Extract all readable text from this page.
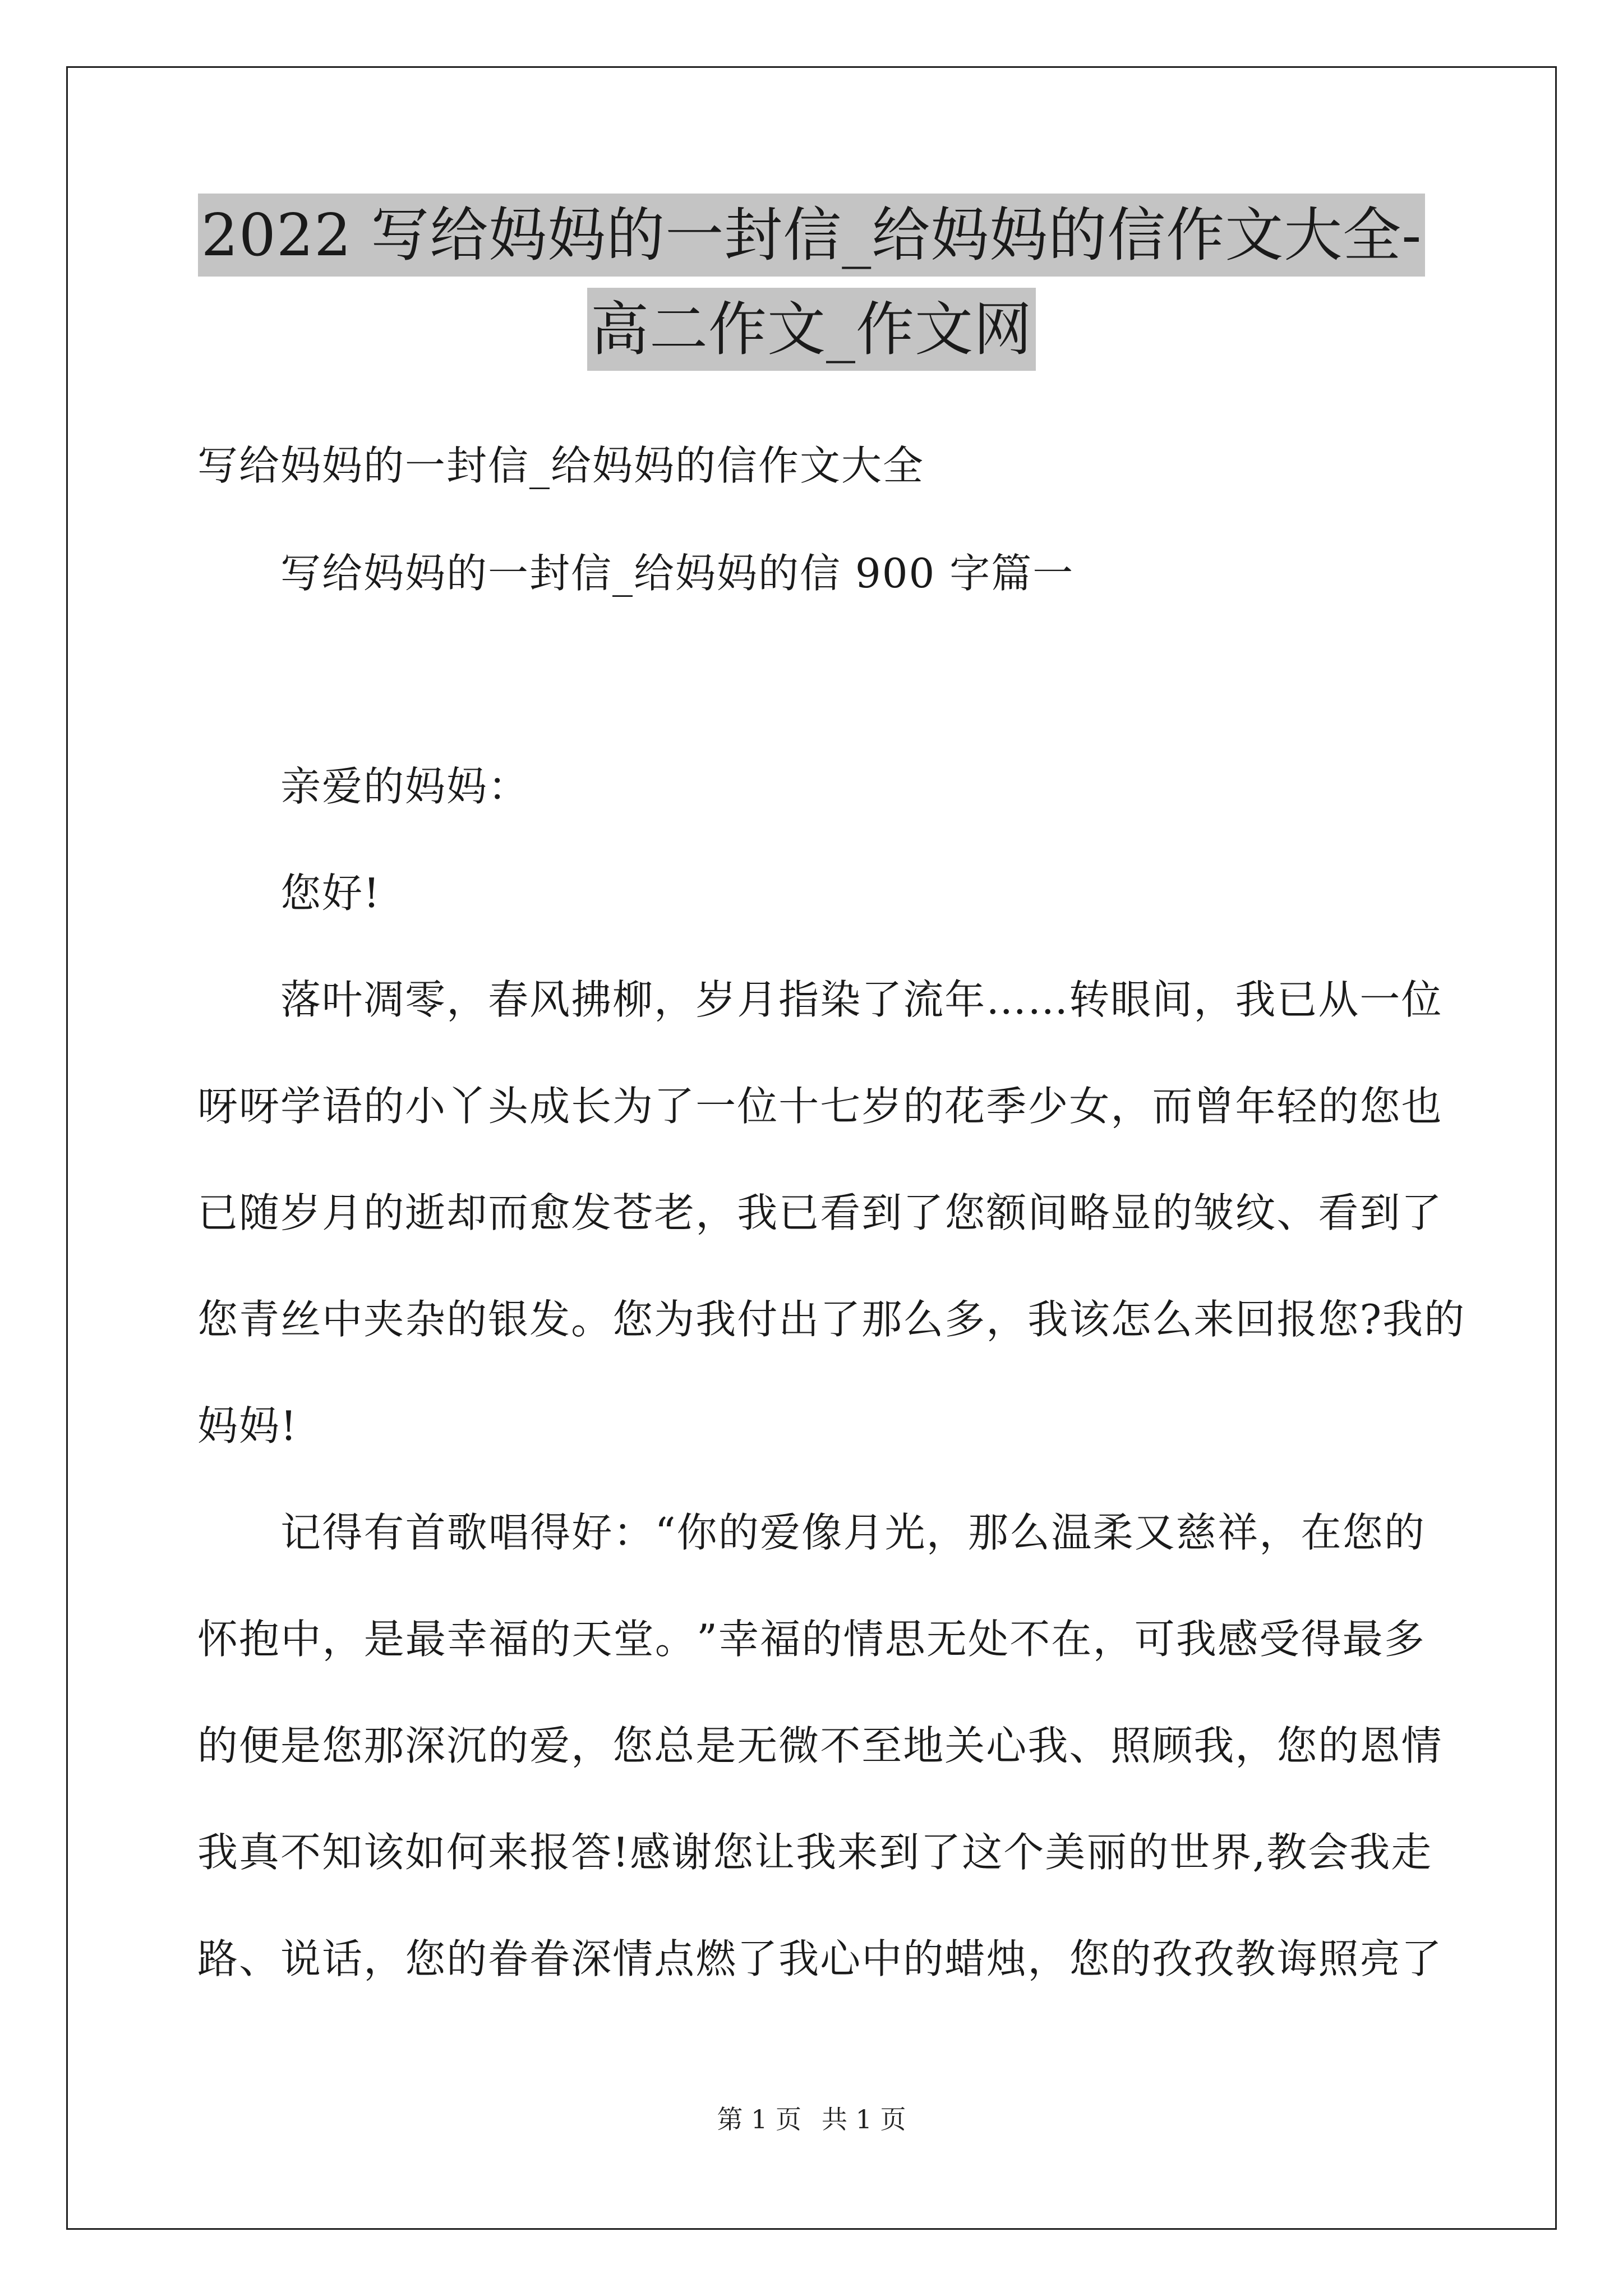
2022 写给妈妈的一封信_给妈妈的信作文大全-
高二作文_作文网
写给妈妈的一封信_给妈妈的信作文大全
写给妈妈的一封信_给妈妈的信 900 字篇一
亲爱的妈妈：
您好!
落 叶 凋 零 ， 春 风 拂 柳 ， 岁 月 指 染 了 流 年 … … 转 眼 间 ， 我 已 从 一 位
呀 呀 学 语 的 小 丫 头 成 长 为 了 一 位 十 七 岁 的 花 季 少 女 ， 而 曾 年 轻 的 您 也
已 随 岁 月 的 逝 却 而 愈 发 苍 老 ， 我 已 看 到 了 您 额 间 略 显 的 皱 纹 、 看 到 了
您 青 丝 中 夹 杂 的 银 发 。 您 为 我 付 出 了 那 么 多 ， 我 该 怎 么 来 回 报 您 ? 我 的
妈妈!
记 得 有 首 歌 唱 得 好 ： “ 你 的 爱 像 月 光 ， 那 么 温 柔 又 慈 祥 ， 在 您 的
怀 抱 中 ， 是 最 幸 福 的 天 堂 。 ” 幸 福 的 情 思 无 处 不 在 ， 可 我 感 受 得 最 多
的 便 是 您 那 深 沉 的 爱 ， 您 总 是 无 微 不 至 地 关 心 我 、 照 顾 我 ， 您 的 恩 情
我 真 不 知 该 如 何 来 报 答 ! 感 谢 您 让 我 来 到 了 这 个 美 丽 的 世 界 , 教 会 我 走
路 、 说 话 ， 您 的 眷 眷 深 情 点 燃 了 我 心 中 的 蜡 烛 ， 您 的 孜 孜 教 诲 照 亮 了
第 1 页 共 1 页
